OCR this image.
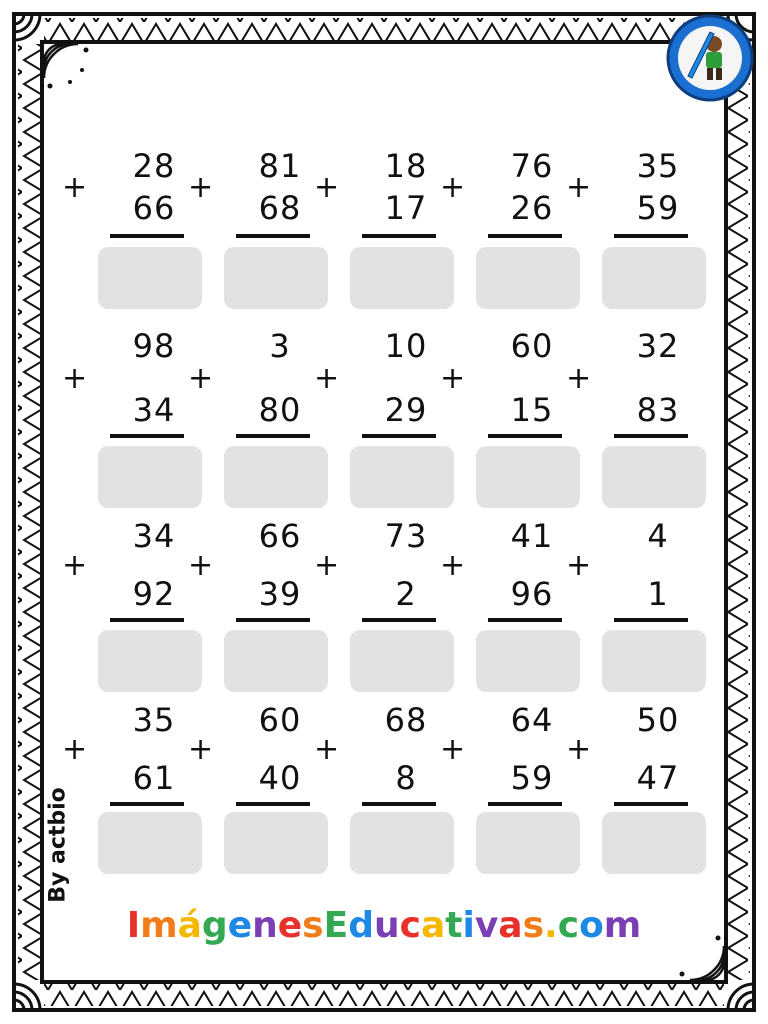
By actbio
ImágenesEducativas.com
+
28
66
+
81
68
+
18
17
+
76
26
+
35
59
+
98
34
+
3
80
+
10
29
+
60
15
+
32
83
+
34
92
+
66
39
+
73
2
+
41
96
+
4
1
+
35
61
+
60
40
+
68
8
+
64
59
+
50
47
